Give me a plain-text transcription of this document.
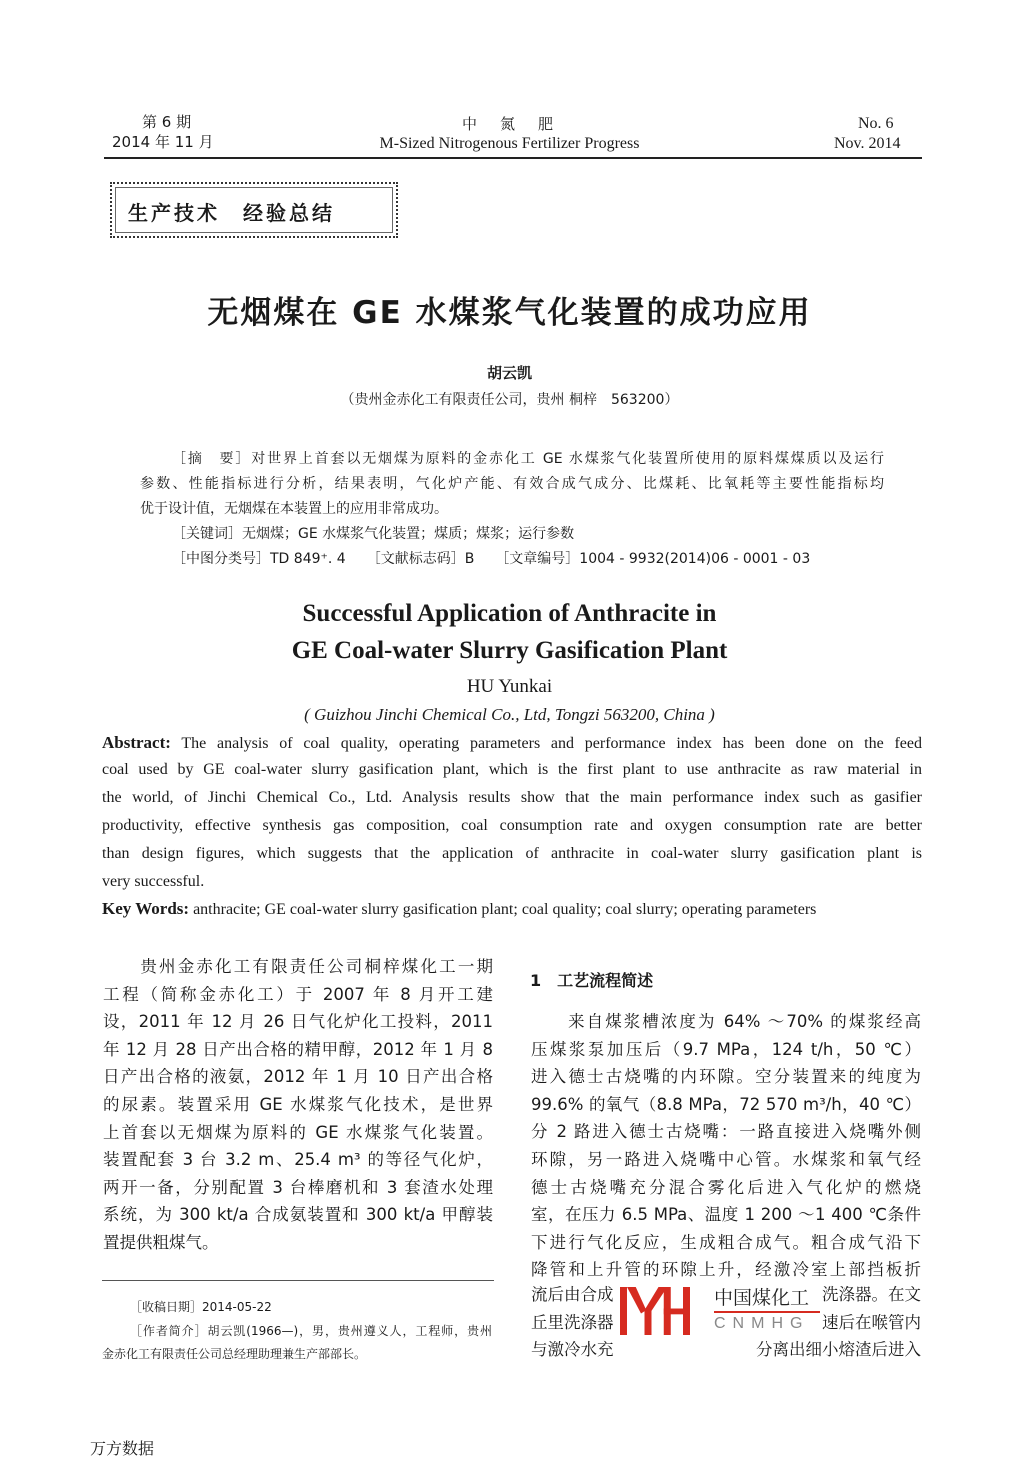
第 6 期
2014 年 11 月
中　氮　肥
M-Sized Nitrogenous Fertilizer Progress
No. 6
Nov. 2014
生产技术　经验总结
无烟煤在 GE 水煤浆气化装置的成功应用
胡云凯
（贵州金赤化工有限责任公司，贵州 桐梓　563200）
［关键词］无烟煤；GE 水煤浆气化装置；煤质；煤浆；运行参数
［中图分类号］TD 849⁺. 4　　［文献标志码］B　　［文章编号］1004 - 9932(2014)06 - 0001 - 03
Successful Application of Anthracite in
GE Coal-water Slurry Gasification Plant
HU Yunkai
( Guizhou Jinchi Chemical Co., Ltd, Tongzi 563200, China )
Key Words: anthracite; GE coal-water slurry gasification plant; coal quality; coal slurry; operating parameters
［收稿日期］2014-05-22
［作者简介］胡云凯(1966—)，男，贵州遵义人，工程师，贵州
金赤化工有限责任公司总经理助理兼生产部部长。
1　工艺流程简述
万方数据
［摘　要］对世界上首套以无烟煤为原料的金赤化工 GE 水煤浆气化装置所使用的原料煤煤质以及运行
参数、性能指标进行分析，结果表明，气化炉产能、有效合成气成分、比煤耗、比氧耗等主要性能指标均
优于设计值，无烟煤在本装置上的应用非常成功。
Abstract: The analysis of coal quality, operating parameters and performance index has been done on the feed
coal used by GE coal-water slurry gasification plant, which is the first plant to use anthracite as raw material in
the world, of Jinchi Chemical Co., Ltd. Analysis results show that the main performance index such as gasifier
productivity, effective synthesis gas composition, coal consumption rate and oxygen consumption rate are better
than design figures, which suggests that the application of anthracite in coal-water slurry gasification plant is
very successful.
　　贵州金赤化工有限责任公司桐梓煤化工一期
工程（简称金赤化工）于 2007 年 8 月开工建
设，2011 年 12 月 26 日气化炉化工投料，2011
年 12 月 28 日产出合格的精甲醇，2012 年 1 月 8
日产出合格的液氨，2012 年 1 月 10 日产出合格
的尿素。装置采用 GE 水煤浆气化技术，是世界
上首套以无烟煤为原料的 GE 水煤浆气化装置。
装置配套 3 台 3.2 m、25.4 m³ 的等径气化炉，
两开一备，分别配置 3 台棒磨机和 3 套渣水处理
系统，为 300 kt/a 合成氨装置和 300 kt/a 甲醇装
置提供粗煤气。
　　来自煤浆槽浓度为 64% ～70% 的煤浆经高
压煤浆泵加压后（9.7 MPa，124 t/h，50 ℃）
进入德士古烧嘴的内环隙。空分装置来的纯度为
99.6% 的氧气（8.8 MPa，72 570 m³/h，40 ℃）
分 2 路进入德士古烧嘴：一路直接进入烧嘴外侧
环隙，另一路进入烧嘴中心管。水煤浆和氧气经
德士古烧嘴充分混合雾化后进入气化炉的燃烧
室，在压力 6.5 MPa、温度 1 200 ～1 400 ℃条件
下进行气化反应，生成粗合成气。粗合成气沿下
降管和上升管的环隙上升，经激冷室上部挡板折
流后由合成	洗涤器。在文
丘里洗涤器	速后在喉管内
与激冷水充	分离出细小熔渣后进入
中国煤化工
CNMHG
